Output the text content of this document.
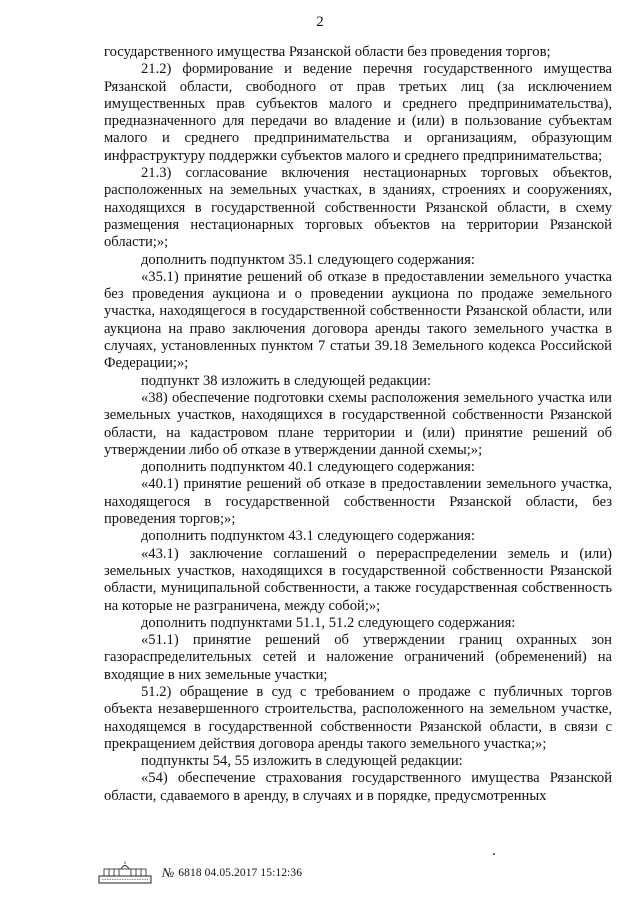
2

государственного имущества Рязанской области без проведения торгов;

21.2) формирование и ведение перечня государственного имущества Рязанской области, свободного от прав третьих лиц (за исключением имущественных прав субъектов малого и среднего предпринимательства), предназначенного для передачи во владение и (или) в пользование субъектам малого и среднего предпринимательства и организациям, образующим инфраструктуру поддержки субъектов малого и среднего предпринимательства;

21.3) согласование включения нестационарных торговых объектов, расположенных на земельных участках, в зданиях, строениях и сооружениях, находящихся в государственной собственности Рязанской области, в схему размещения нестационарных торговых объектов на территории Рязанской области;»;

дополнить подпунктом 35.1 следующего содержания:

«35.1) принятие решений об отказе в предоставлении земельного участка без проведения аукциона и о проведении аукциона по продаже земельного участка, находящегося в государственной собственности Рязанской области, или аукциона на право заключения договора аренды такого земельного участка в случаях, установленных пунктом 7 статьи 39.18 Земельного кодекса Российской Федерации;»;

подпункт 38 изложить в следующей редакции:

«38) обеспечение подготовки схемы расположения земельного участка или земельных участков, находящихся в государственной собственности Рязанской области, на кадастровом плане территории и (или) принятие решений об утверждении либо об отказе в утверждении данной схемы;»;

дополнить подпунктом 40.1 следующего содержания:

«40.1) принятие решений об отказе в предоставлении земельного участка, находящегося в государственной собственности Рязанской области, без проведения торгов;»;

дополнить подпунктом 43.1 следующего содержания:

«43.1) заключение соглашений о перераспределении земель и (или) земельных участков, находящихся в государственной собственности Рязанской области, муниципальной собственности, а также государственная собственность на которые не разграничена, между собой;»;

дополнить подпунктами 51.1, 51.2 следующего содержания:

«51.1) принятие решений об утверждении границ охранных зон газораспределительных сетей и наложение ограничений (обременений) на входящие в них земельные участки;

51.2) обращение в суд с требованием о продаже с публичных торгов объекта незавершенного строительства, расположенного на земельном участке, находящемся в государственной собственности Рязанской области, в связи с прекращением действия договора аренды такого земельного участка;»;

подпункты 54, 55 изложить в следующей редакции:

«54) обеспечение страхования государственного имущества Рязанской области, сдаваемого в аренду, в случаях и в порядке, предусмотренных

№ 6818 04.05.2017 15:12:36
